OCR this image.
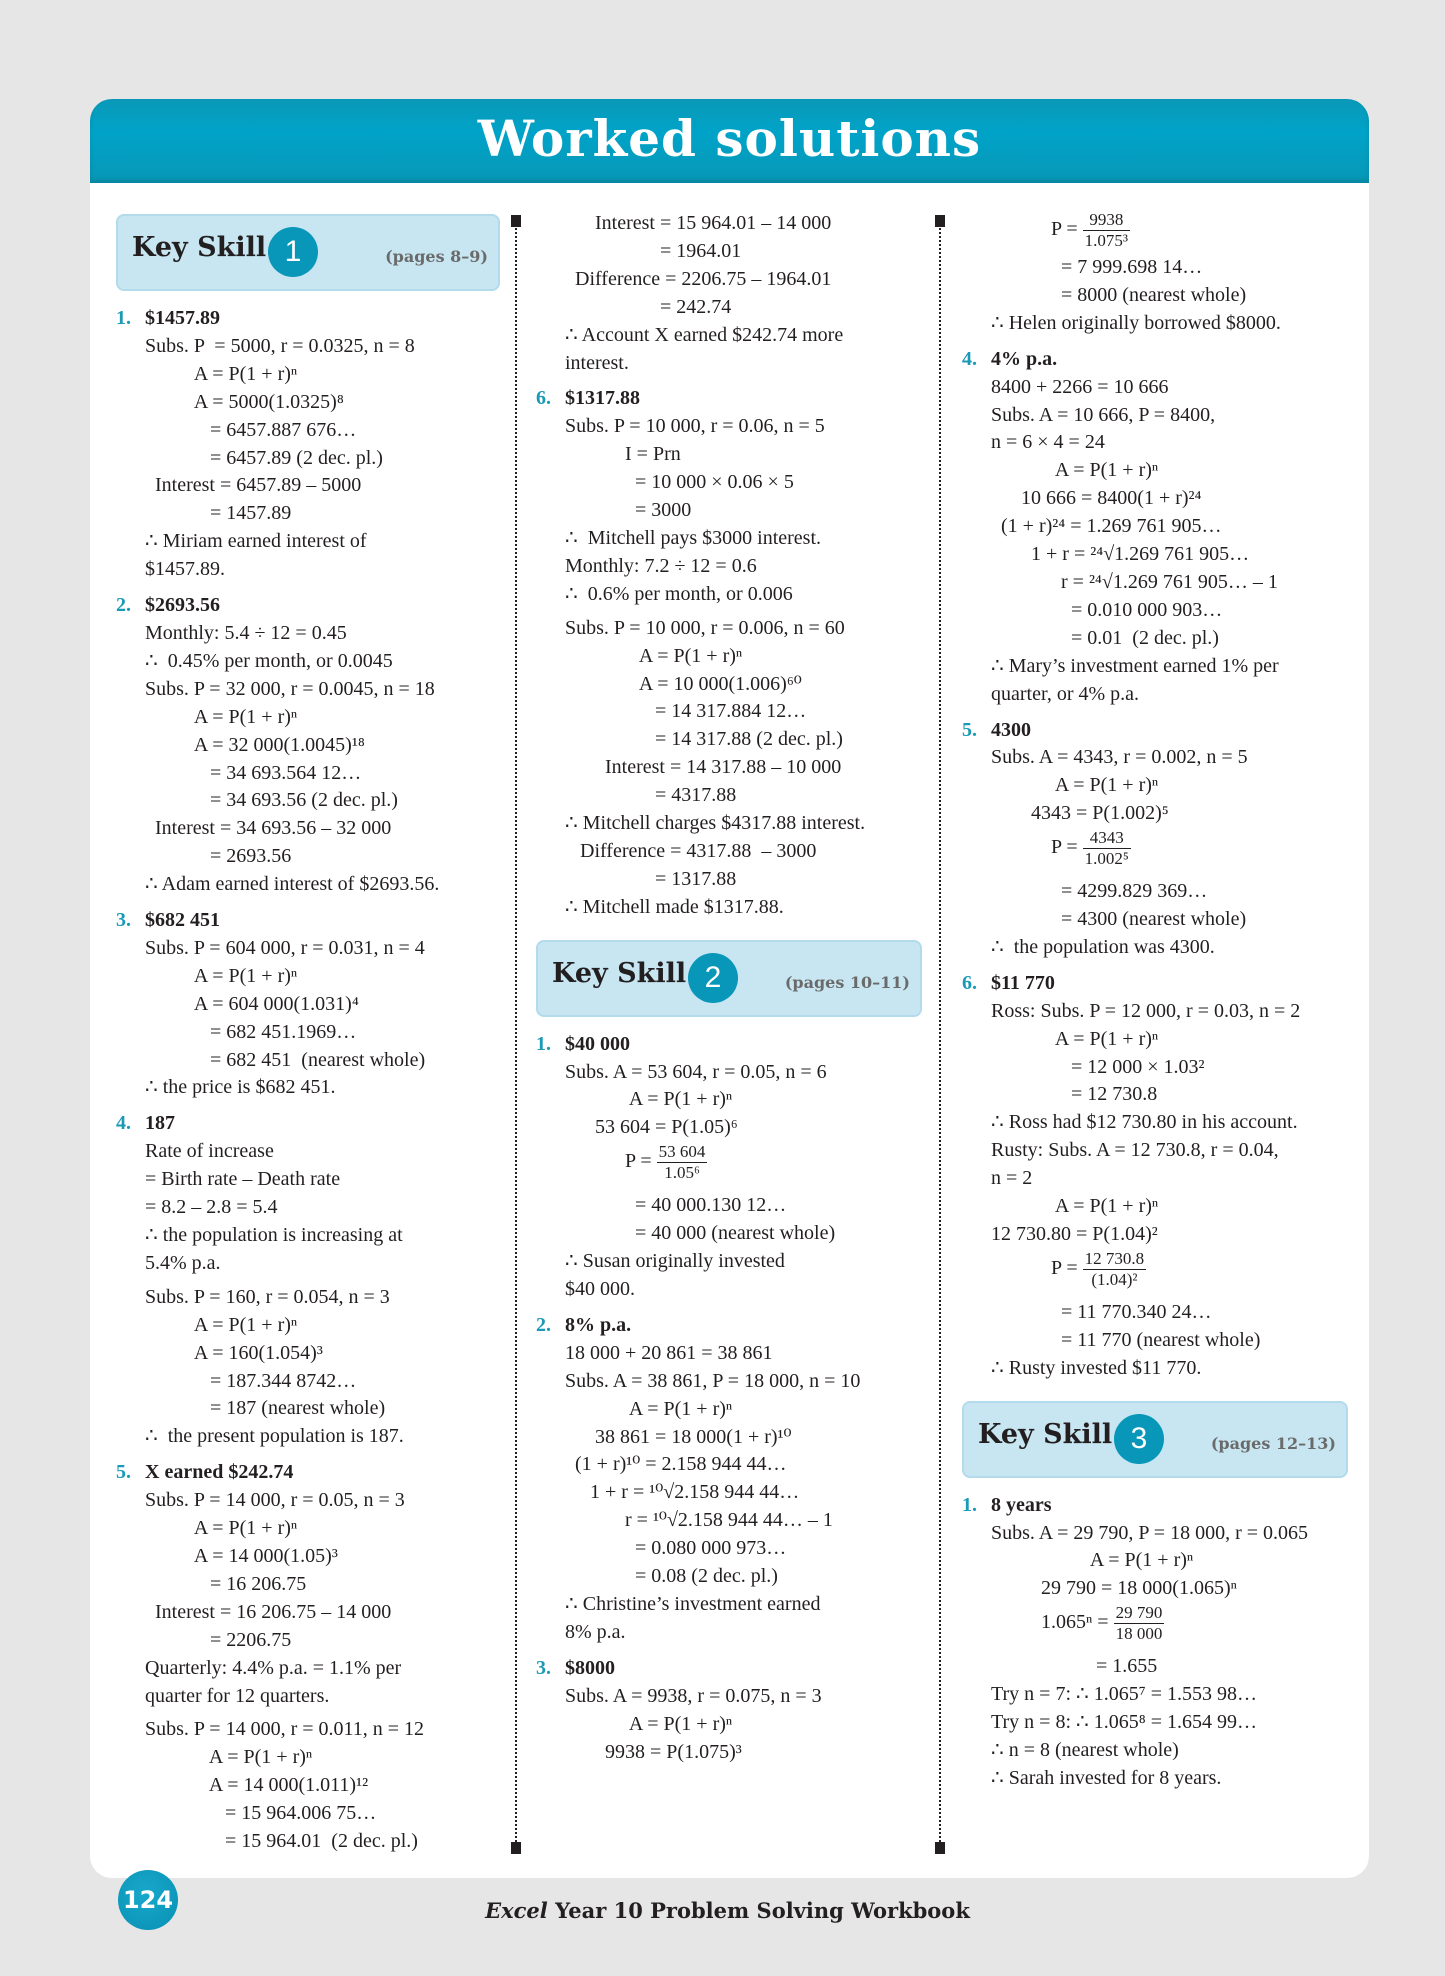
Worked solutions
Key Skill 1	(pages 8–9)
1. $1457.89
Subs. P  = 5000, r = 0.0325, n = 8
A = P(1 + r)ⁿ
A = 5000(1.0325)⁸
= 6457.887 676…
= 6457.89 (2 dec. pl.)
Interest = 6457.89 – 5000
= 1457.89
∴ Miriam earned interest of
$1457.89.
2. $2693.56
Monthly: 5.4 ÷ 12 = 0.45
∴  0.45% per month, or 0.0045
Subs. P = 32 000, r = 0.0045, n = 18
A = P(1 + r)ⁿ
A = 32 000(1.0045)¹⁸
= 34 693.564 12…
= 34 693.56 (2 dec. pl.)
Interest = 34 693.56 – 32 000
= 2693.56
∴ Adam earned interest of $2693.56.
3. $682 451
Subs. P = 604 000, r = 0.031, n = 4
A = P(1 + r)ⁿ
A = 604 000(1.031)⁴
= 682 451.1969…
= 682 451  (nearest whole)
∴ the price is $682 451.
4. 187
Rate of increase
= Birth rate – Death rate
= 8.2 – 2.8 = 5.4
∴ the population is increasing at
5.4% p.a.
Subs. P = 160, r = 0.054, n = 3
A = P(1 + r)ⁿ
A = 160(1.054)³
= 187.344 8742…
= 187 (nearest whole)
∴  the present population is 187.
5. X earned $242.74
Subs. P = 14 000, r = 0.05, n = 3
A = P(1 + r)ⁿ
A = 14 000(1.05)³
= 16 206.75
Interest = 16 206.75 – 14 000
= 2206.75
Quarterly: 4.4% p.a. = 1.1% per
quarter for 12 quarters.
Subs. P = 14 000, r = 0.011, n = 12
A = P(1 + r)ⁿ
A = 14 000(1.011)¹²
= 15 964.006 75…
= 15 964.01  (2 dec. pl.)
Interest = 15 964.01 – 14 000
= 1964.01
Difference = 2206.75 – 1964.01
= 242.74
∴ Account X earned $242.74 more
interest.
6. $1317.88
Subs. P = 10 000, r = 0.06, n = 5
I = Prn
= 10 000 × 0.06 × 5
= 3000
∴  Mitchell pays $3000 interest.
Monthly: 7.2 ÷ 12 = 0.6
∴  0.6% per month, or 0.006
Subs. P = 10 000, r = 0.006, n = 60
A = P(1 + r)ⁿ
A = 10 000(1.006)⁶⁰
= 14 317.884 12…
= 14 317.88 (2 dec. pl.)
Interest = 14 317.88 – 10 000
= 4317.88
∴ Mitchell charges $4317.88 interest.
Difference = 4317.88  – 3000
= 1317.88
∴ Mitchell made $1317.88.
Key Skill 2	(pages 10–11)
1. $40 000
Subs. A = 53 604, r = 0.05, n = 6
A = P(1 + r)ⁿ
53 604 = P(1.05)⁶
$P = \frac{53 604}{\text{1.05⁶}}$
= 40 000.130 12…
= 40 000 (nearest whole)
∴ Susan originally invested
$40 000.
2. 8% p.a.
18 000 + 20 861 = 38 861
Subs. A = 38 861, P = 18 000, n = 10
A = P(1 + r)ⁿ
38 861 = 18 000(1 + r)¹⁰
(1 + r)¹⁰ = 2.158 944 44…
1 + r = ¹⁰√2.158 944 44…
r = ¹⁰√2.158 944 44… – 1
= 0.080 000 973…
= 0.08 (2 dec. pl.)
∴ Christine’s investment earned
8% p.a.
3. $8000
Subs. A = 9938, r = 0.075, n = 3
A = P(1 + r)ⁿ
9938 = P(1.075)³
$P = \frac{9938}{\text{1.075³}}$
= 7 999.698 14…
= 8000 (nearest whole)
∴ Helen originally borrowed $8000.
4. 4% p.a.
8400 + 2266 = 10 666
Subs. A = 10 666, P = 8400,
n = 6 × 4 = 24
A = P(1 + r)ⁿ
10 666 = 8400(1 + r)²⁴
(1 + r)²⁴ = 1.269 761 905…
1 + r = ²⁴√1.269 761 905…
r = ²⁴√1.269 761 905… – 1
= 0.010 000 903…
= 0.01  (2 dec. pl.)
∴ Mary’s investment earned 1% per
quarter, or 4% p.a.
5. 4300
Subs. A = 4343, r = 0.002, n = 5
A = P(1 + r)ⁿ
4343 = P(1.002)⁵
$P = \frac{4343}{\text{1.002⁵}}$
= 4299.829 369…
= 4300 (nearest whole)
∴  the population was 4300.
6. $11 770
Ross: Subs. P = 12 000, r = 0.03, n = 2
A = P(1 + r)ⁿ
= 12 000 × 1.03²
= 12 730.8
∴ Ross had $12 730.80 in his account.
Rusty: Subs. A = 12 730.8, r = 0.04,
n = 2
A = P(1 + r)ⁿ
12 730.80 = P(1.04)²
$P = \frac{12 730.8}{\text{(1.04)²}}$
= 11 770.340 24…
= 11 770 (nearest whole)
∴ Rusty invested $11 770.
Key Skill 3	(pages 12–13)
1. 8 years
Subs. A = 29 790, P = 18 000, r = 0.065
A = P(1 + r)ⁿ
29 790 = 18 000(1.065)ⁿ
$1.065^n = \frac{29 790}{18 000}$
= 1.655
Try n = 7: ∴ 1.065⁷ = 1.553 98…
Try n = 8: ∴ 1.065⁸ = 1.654 99…
∴ n = 8 (nearest whole)
∴ Sarah invested for 8 years.
124	Excel Year 10 Problem Solving Workbook
